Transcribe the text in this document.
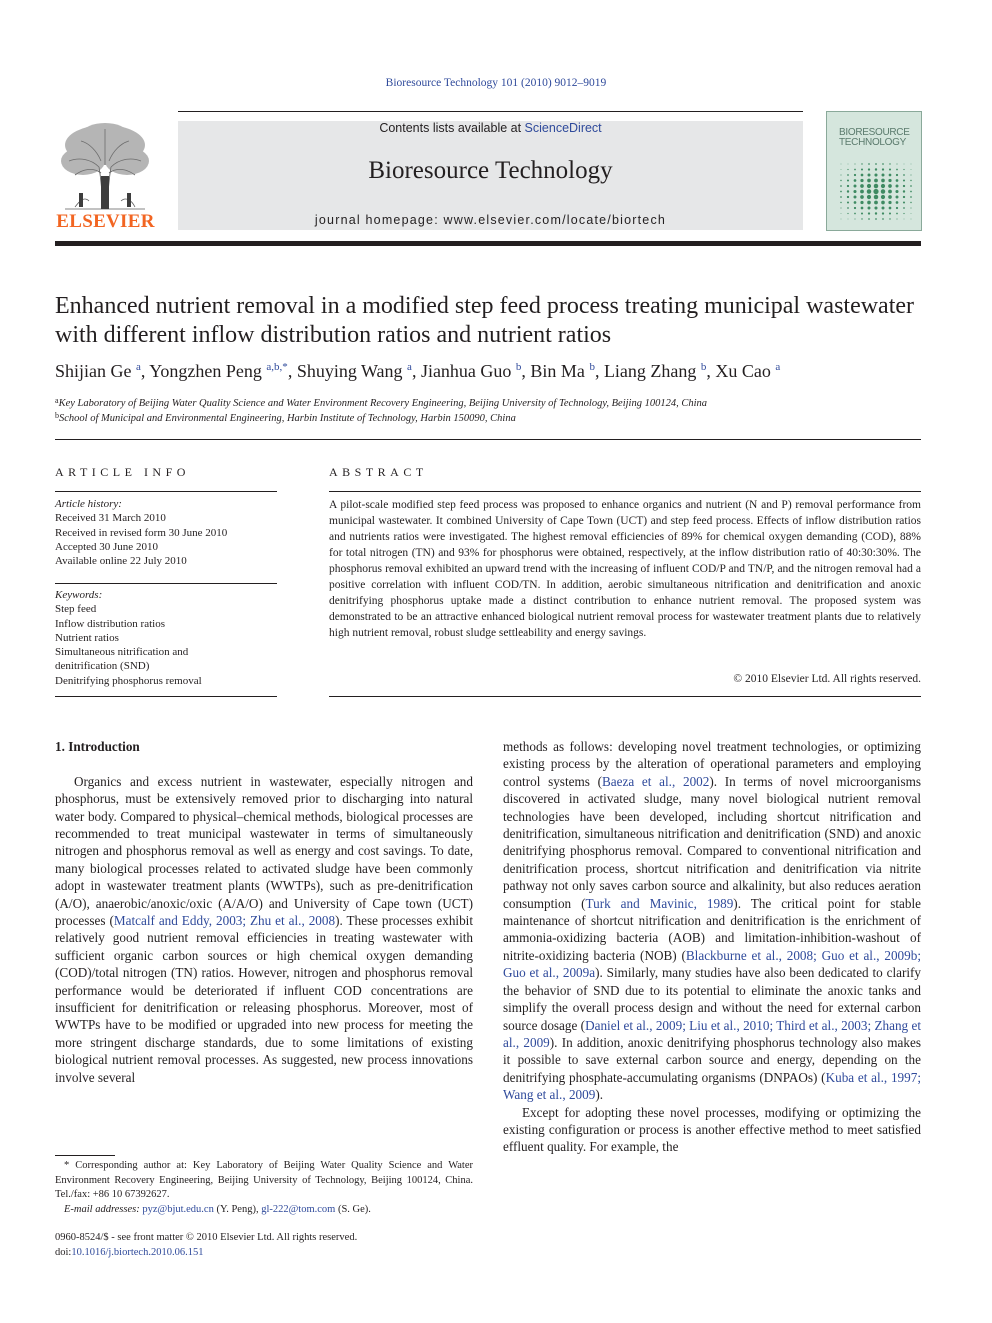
Bioresource Technology 101 (2010) 9012–9019
ELSEVIER
Contents lists available at ScienceDirect
Bioresource Technology
journal homepage: www.elsevier.com/locate/biortech
BIORESOURCE TECHNOLOGY
Enhanced nutrient removal in a modified step feed process treating municipal wastewater with different inflow distribution ratios and nutrient ratios
Shijian Ge $^a$, Yongzhen Peng $^{a,b,*}$, Shuying Wang $^a$, Jianhua Guo $^b$, Bin Ma $^b$, Liang Zhang $^b$, Xu Cao $^a$
$^a$Key Laboratory of Beijing Water Quality Science and Water Environment Recovery Engineering, Beijing University of Technology, Beijing 100124, China
$^b$School of Municipal and Environmental Engineering, Harbin Institute of Technology, Harbin 150090, China
ARTICLE INFO	ABSTRACT
Article history:
Received 31 March 2010
Received in revised form 30 June 2010
Accepted 30 June 2010
Available online 22 July 2010
Keywords:
Step feed
Inflow distribution ratios
Nutrient ratios
Simultaneous nitrification and
denitrification (SND)
Denitrifying phosphorus removal
A pilot-scale modified step feed process was proposed to enhance organics and nutrient (N and P) removal performance from municipal wastewater. It combined University of Cape Town (UCT) and step feed process. Effects of inflow distribution ratios and nutrients ratios were investigated. The highest removal efficiencies of 89% for chemical oxygen demanding (COD), 88% for total nitrogen (TN) and 93% for phosphorus were obtained, respectively, at the inflow distribution ratio of 40:30:30%. The phosphorus removal exhibited an upward trend with the increasing of influent COD/P and TN/P, and the nitrogen removal had a positive correlation with influent COD/TN. In addition, aerobic simultaneous nitrification and denitrification and anoxic denitrifying phosphorus uptake made a distinct contribution to enhance nutrient removal. The proposed system was demonstrated to be an attractive enhanced biological nutrient removal process for wastewater treatment plants due to relatively high nutrient removal, robust sludge settleability and energy savings.
© 2010 Elsevier Ltd. All rights reserved.
1. Introduction

Organics and excess nutrient in wastewater, especially nitrogen and phosphorus, must be extensively removed prior to discharging into natural water body. Compared to physical–chemical methods, biological processes are recommended to treat municipal wastewater in terms of simultaneously nitrogen and phosphorus removal as well as energy and cost savings. To date, many biological processes related to activated sludge have been commonly adopt in wastewater treatment plants (WWTPs), such as pre-denitrification (A/O), anaerobic/anoxic/oxic (A/A/O) and University of Cape town (UCT) processes (Matcalf and Eddy, 2003; Zhu et al., 2008). These processes exhibit relatively good nutrient removal efficiencies in treating wastewater with sufficient organic carbon sources or high chemical oxygen demanding (COD)/total nitrogen (TN) ratios. However, nitrogen and phosphorus removal performance would be deteriorated if influent COD concentrations are insufficient for denitrification or releasing phosphorus. Moreover, most of WWTPs have to be modified or upgraded into new process for meeting the more stringent discharge standards, due to some limitations of existing biological nutrient removal processes. As suggested, new process innovations involve several

methods as follows: developing novel treatment technologies, or optimizing existing process by the alteration of operational parameters and employing control systems (Baeza et al., 2002). In terms of novel microorganisms discovered in activated sludge, many novel biological nutrient removal technologies have been developed, including shortcut nitrification and denitrification, simultaneous nitrification and denitrification (SND) and anoxic denitrifying phosphorus removal. Compared to conventional nitrification and denitrification process, shortcut nitrification and denitrification via nitrite pathway not only saves carbon source and alkalinity, but also reduces aeration consumption (Turk and Mavinic, 1989). The critical point for stable maintenance of shortcut nitrification and denitrification is the enrichment of ammonia-oxidizing bacteria (AOB) and limitation-inhibition-washout of nitrite-oxidizing bacteria (NOB) (Blackburne et al., 2008; Guo et al., 2009b; Guo et al., 2009a). Similarly, many studies have also been dedicated to clarify the behavior of SND due to its potential to eliminate the anoxic tanks and simplify the overall process design and without the need for external carbon source dosage (Daniel et al., 2009; Liu et al., 2010; Third et al., 2003; Zhang et al., 2009). In addition, anoxic denitrifying phosphorus technology also makes it possible to save external carbon source and energy, depending on the denitrifying phosphate-accumulating organisms (DNPAOs) (Kuba et al., 1997; Wang et al., 2009).

Except for adopting these novel processes, modifying or optimizing the existing configuration or process is another effective method to meet satisfied effluent quality. For example, the

* Corresponding author at: Key Laboratory of Beijing Water Quality Science and Water Environment Recovery Engineering, Beijing University of Technology, Beijing 100124, China. Tel./fax: +86 10 67392627.

E-mail addresses: pyz@bjut.edu.cn (Y. Peng), gl-222@tom.com (S. Ge).

0960-8524/$ - see front matter © 2010 Elsevier Ltd. All rights reserved.
doi:10.1016/j.biortech.2010.06.151
